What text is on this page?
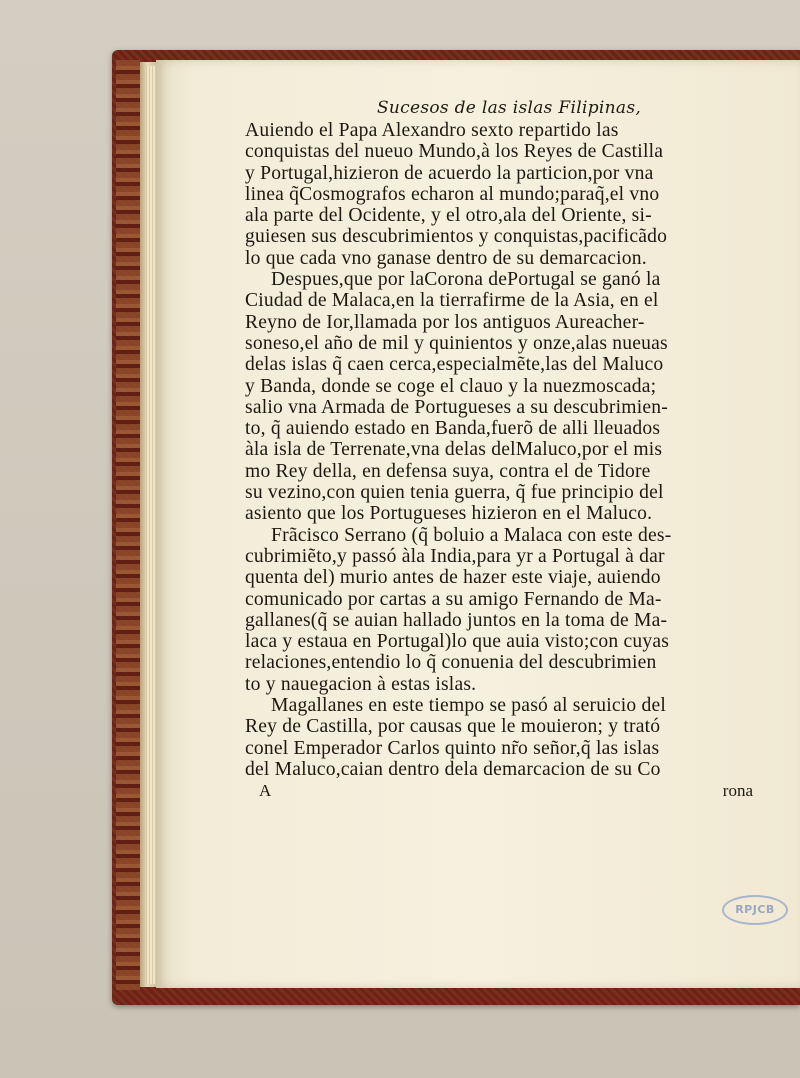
Sucesos de las islas Filipinas,
Auiendo el Papa Alexandro sexto repartido las
conquistas del nueuo Mundo,à los Reyes de Castilla
y Portugal,hizieron de acuerdo la particion,por vna
linea q̃Cosmografos echaron al mundo;paraq̃,el vno
ala parte del Ocidente, y el otro,ala del Oriente, si-
guiesen sus descubrimientos y conquistas,pacificãdo
lo que cada vno ganase dentro de su demarcacion.
Despues,que por laCorona dePortugal se ganó la
Ciudad de Malaca,en la tierrafirme de la Asia, en el
Reyno de Ior,llamada por los antiguos Aureacher-
soneso,el año de mil y quinientos y onze,alas nueuas
delas islas q̃ caen cerca,especialmẽte,las del Maluco
y Banda, donde se coge el clauo y la nuezmoscada;
salio vna Armada de Portugueses a su descubrimien-
to, q̃ auiendo estado en Banda,fuerõ de alli lleuados
àla isla de Terrenate,vna delas delMaluco,por el mis
mo Rey della, en defensa suya, contra el de Tidore
su vezino,con quien tenia guerra, q̃ fue principio del
asiento que los Portugueses hizieron en el Maluco.
Frãcisco Serrano (q̃ boluio a Malaca con este des-
cubrimiẽto,y passó àla India,para yr a Portugal à dar
quenta del) murio antes de hazer este viaje, auiendo
comunicado por cartas a su amigo Fernando de Ma-
gallanes(q̃ se auian hallado juntos en la toma de Ma-
laca y estaua en Portugal)lo que auia visto;con cuyas
relaciones,entendio lo q̃ conuenia del descubrimien
to y nauegacion à estas islas.
Magallanes en este tiempo se pasó al seruicio del
Rey de Castilla, por causas que le mouieron; y trató
conel Emperador Carlos quinto nr̃o señor,q̃ las islas
del Maluco,caian dentro dela demarcacion de su Co
A	rona
RPJCB
